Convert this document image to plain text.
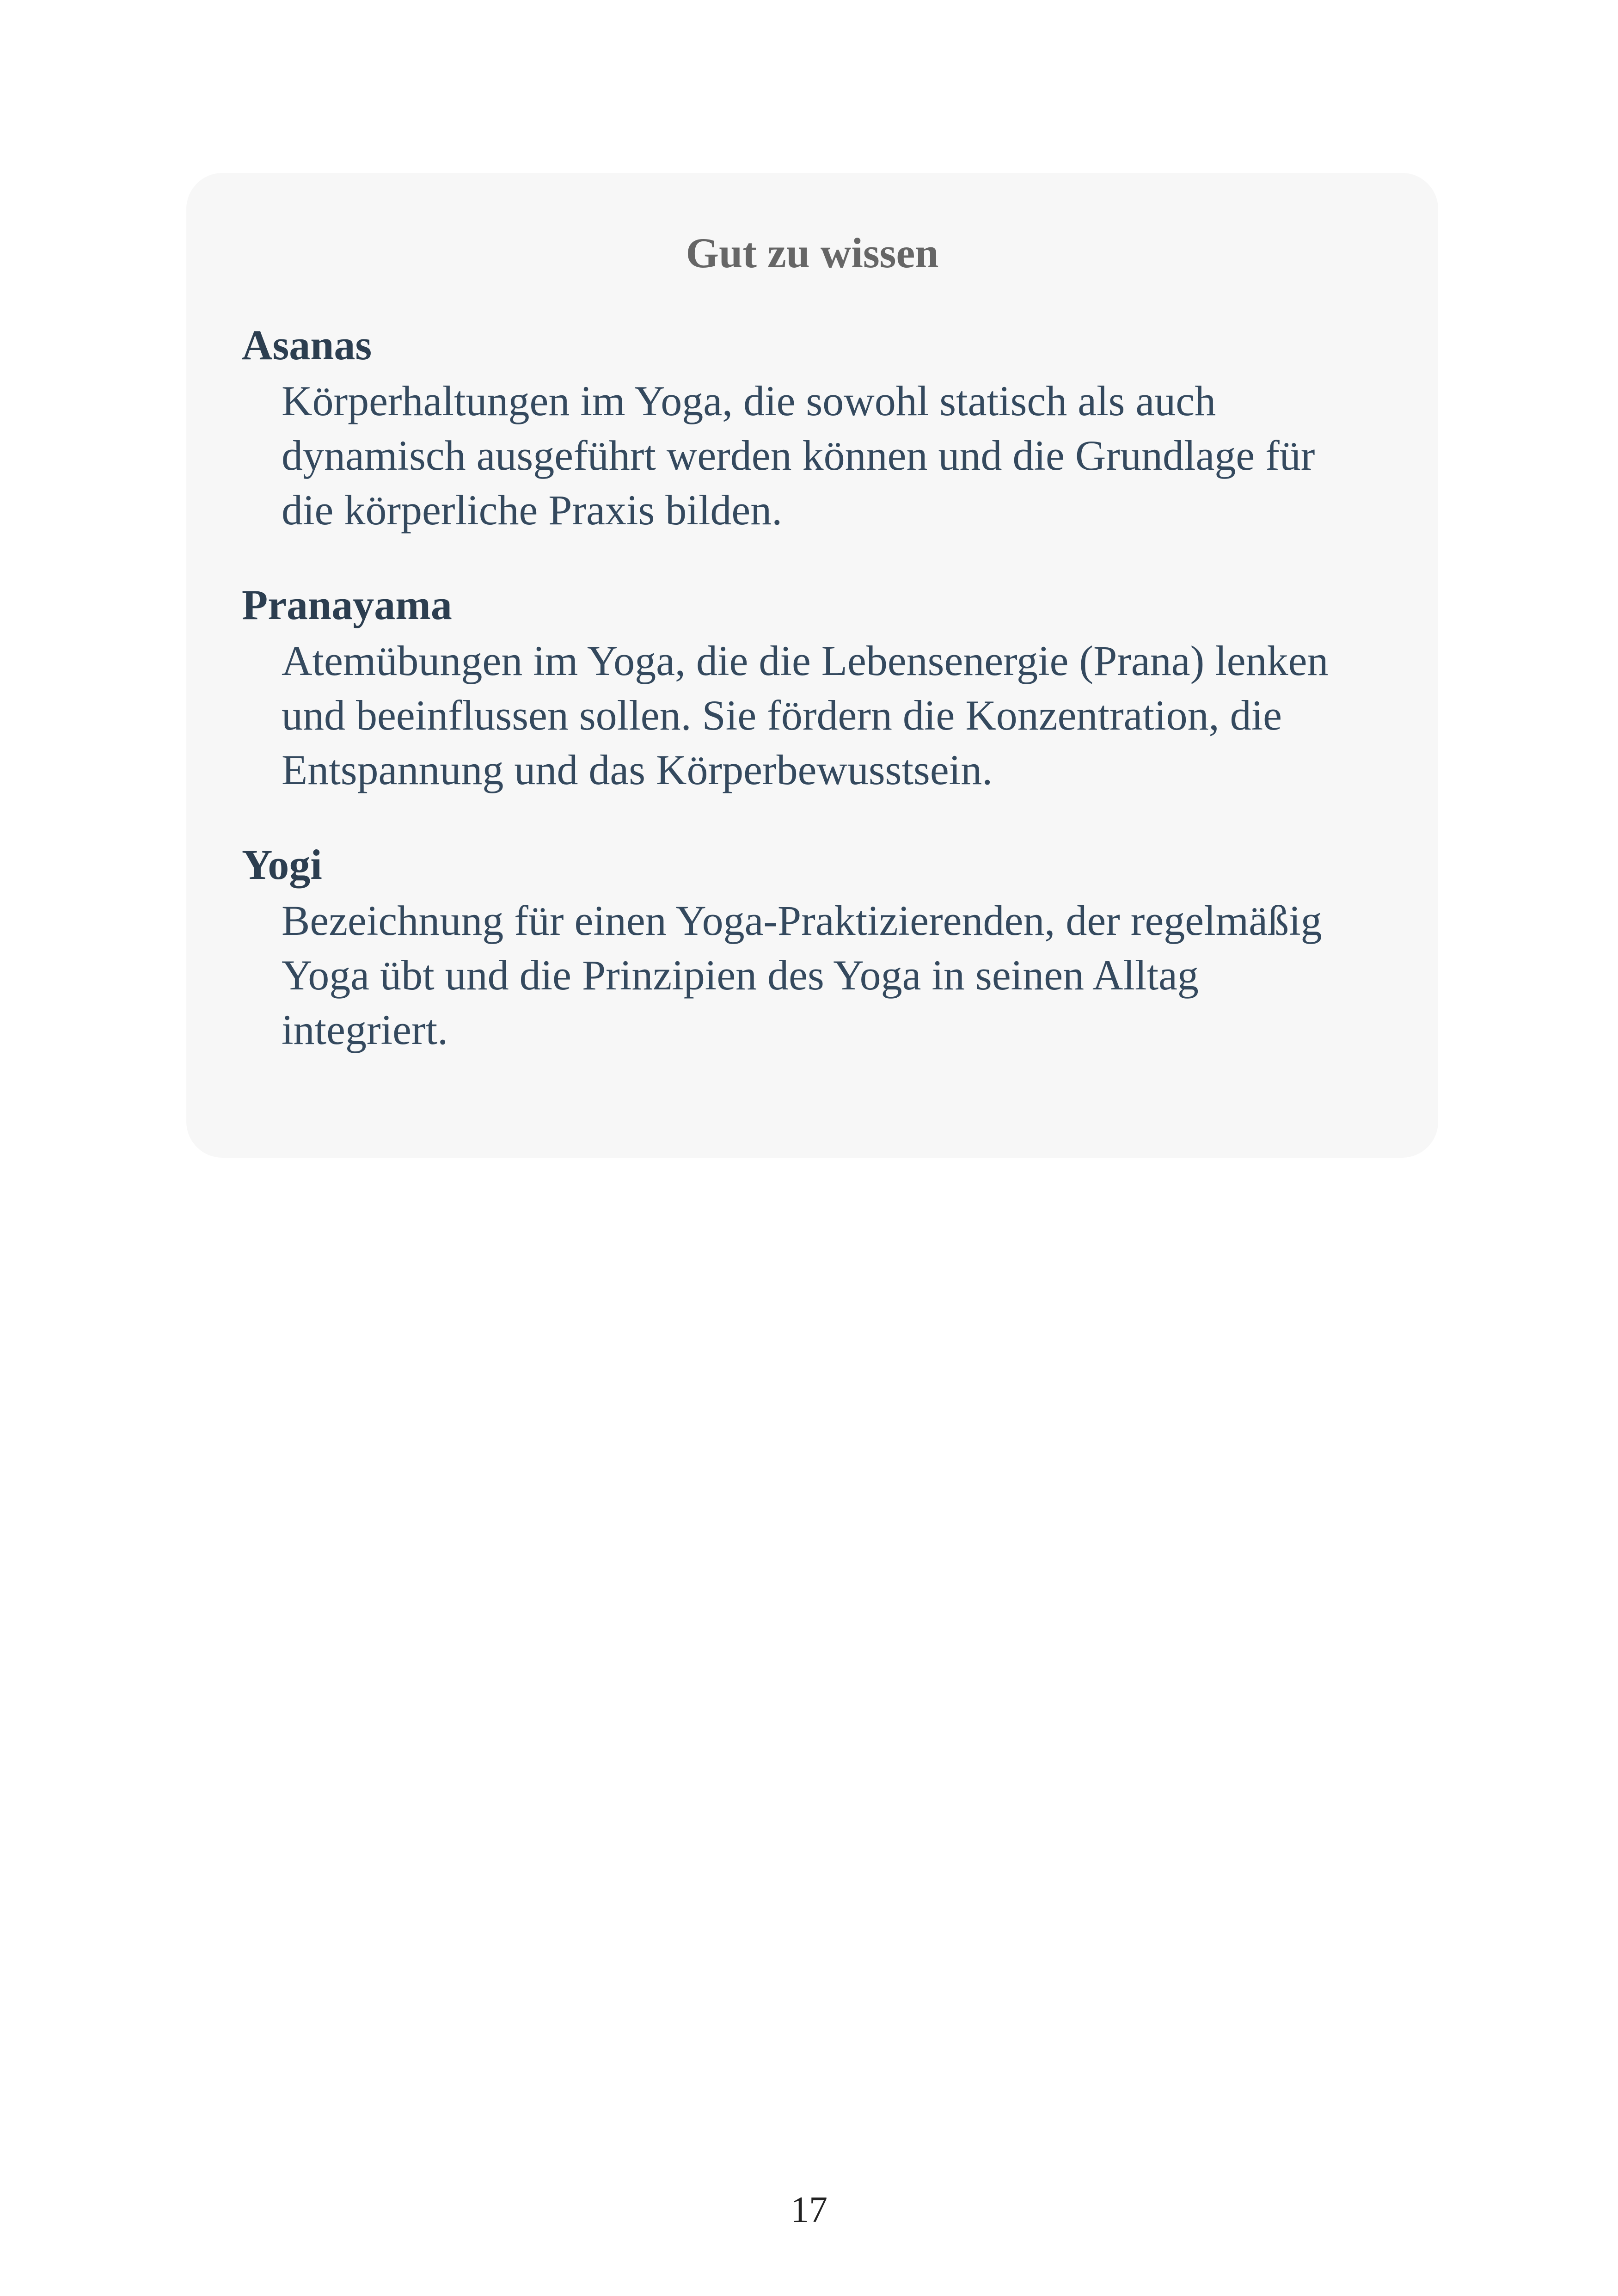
Gut zu wissen
Asanas
Körperhaltungen im Yoga, die sowohl statisch als auch dynamisch ausgeführt werden können und die Grundlage für die körperliche Praxis bilden.
Pranayama
Atemübungen im Yoga, die die Lebensenergie (Prana) lenken und beeinflussen sollen. Sie fördern die Konzentration, die Entspannung und das Körperbewusstsein.
Yogi
Bezeichnung für einen Yoga-Praktizierenden, der regelmäßig Yoga übt und die Prinzipien des Yoga in seinen Alltag integriert.
17
